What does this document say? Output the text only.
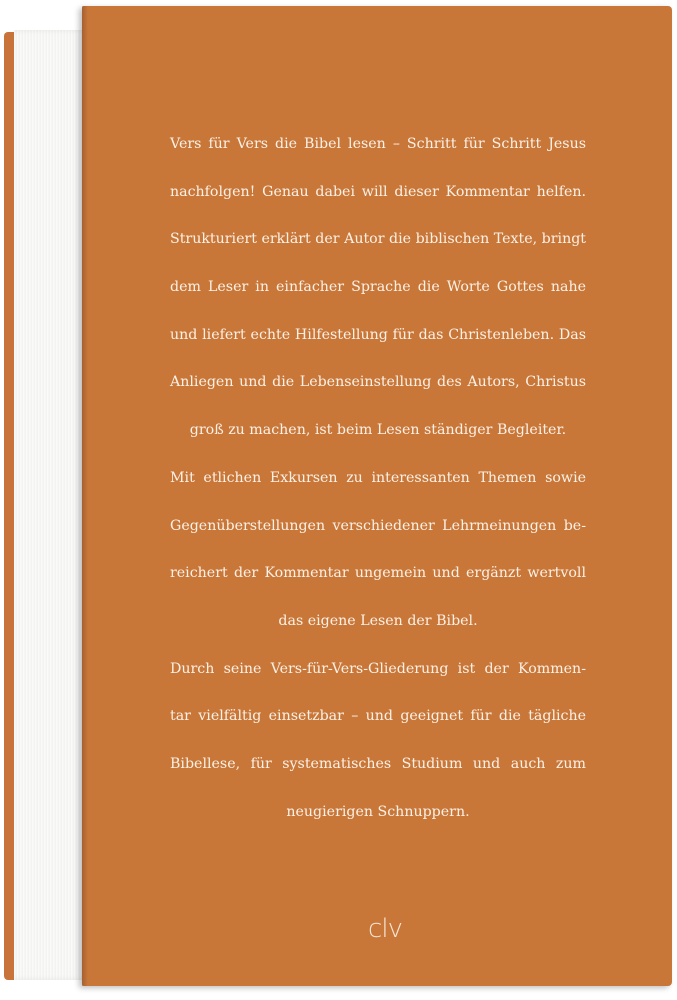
Vers für Vers die Bibel lesen – Schritt für Schritt Jesus
nachfolgen! Genau dabei will dieser Kommentar helfen.
Strukturiert erklärt der Autor die biblischen Texte, bringt
dem Leser in einfacher Sprache die Worte Gottes nahe
und liefert echte Hilfestellung für das Christenleben. Das
Anliegen und die Lebenseinstellung des Autors, Christus
groß zu machen, ist beim Lesen ständiger Begleiter.
Mit etlichen Exkursen zu interessanten Themen sowie
Gegenüberstellungen verschiedener Lehrmeinungen be-
reichert der Kommentar ungemein und ergänzt wertvoll
das eigene Lesen der Bibel.
Durch seine Vers-für-Vers-Gliederung ist der Kommen-
tar vielfältig einsetzbar – und geeignet für die tägliche
Bibellese, für systematisches Studium und auch zum
neugierigen Schnuppern.
clv
